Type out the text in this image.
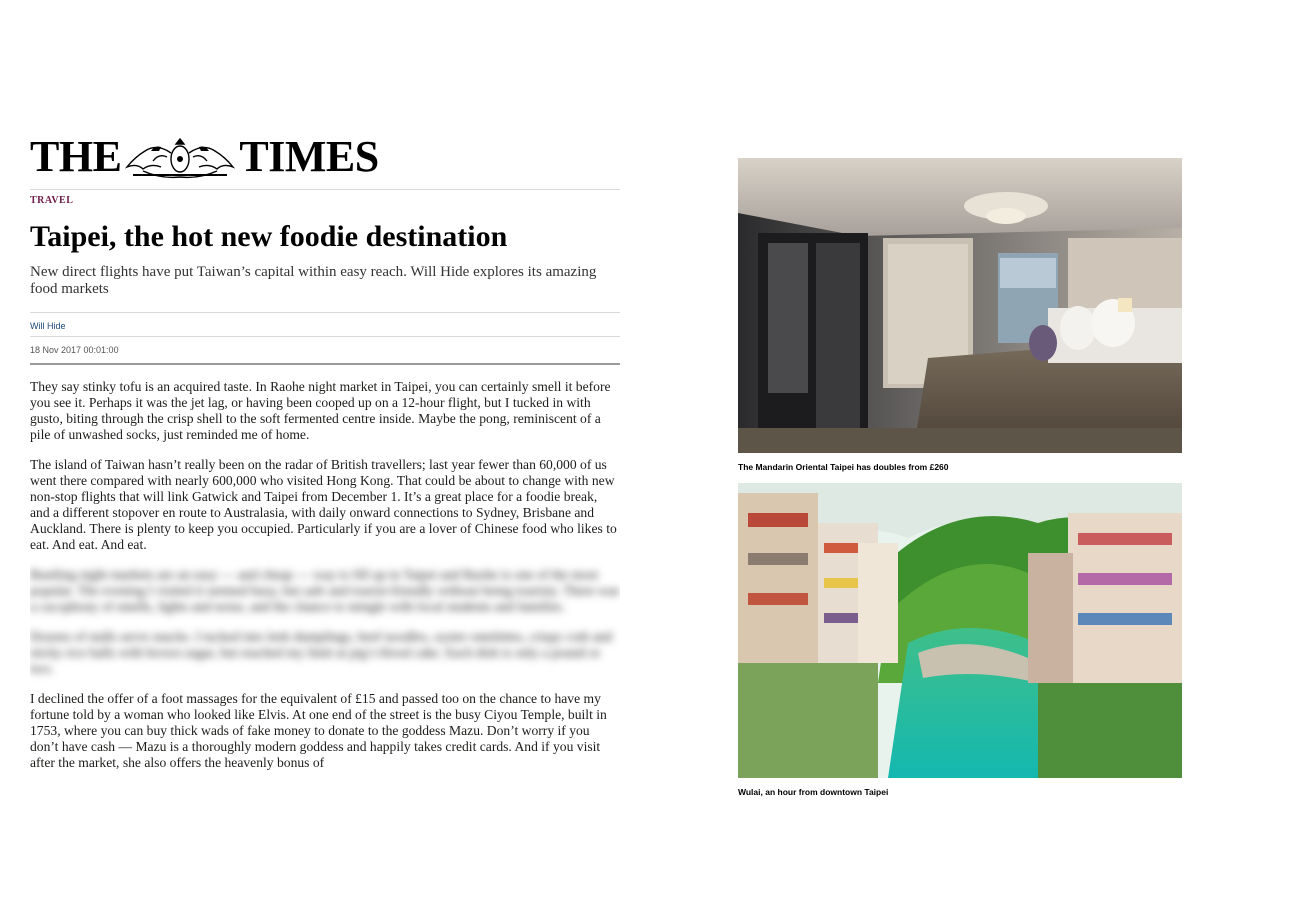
THE	TIMES
TRAVEL
Taipei, the hot new foodie destination

New direct flights have put Taiwan’s capital within easy reach. Will Hide explores its amazing food markets

Will Hide
18 Nov 2017 00:01:00

They say stinky tofu is an acquired taste. In Raohe night market in Taipei, you can certainly smell it before you see it. Perhaps it was the jet lag, or having been cooped up on a 12-hour flight, but I tucked in with gusto, biting through the crisp shell to the soft fermented centre inside. Maybe the pong, reminiscent of a pile of unwashed socks, just reminded me of home.

The island of Taiwan hasn’t really been on the radar of British travellers; last year fewer than 60,000 of us went there compared with nearly 600,000 who visited Hong Kong. That could be about to change with new non-stop flights that will link Gatwick and Taipei from December 1. It’s a great place for a foodie break, and a different stopover en route to Australasia, with daily onward connections to Sydney, Brisbane and Auckland. There is plenty to keep you occupied. Particularly if you are a lover of Chinese food who likes to eat. And eat. And eat.

Bustling night markets are an easy — and cheap — way to fill up in Taipei and Raohe is one of the most popular. The evening I visited it seemed busy, but safe and tourist-friendly without being touristy. There was a cacophony of smells, lights and noise, and the chance to mingle with local students and families.

Dozens of stalls serve snacks. I tucked into leek dumplings, beef noodles, oyster omelettes, crispy crab and sticky rice balls with brown sugar, but reached my limit at pig’s blood cake. Each dish is only a pound or two.

I declined the offer of a foot massages for the equivalent of £15 and passed too on the chance to have my fortune told by a woman who looked like Elvis. At one end of the street is the busy Ciyou Temple, built in 1753, where you can buy thick wads of fake money to donate to the goddess Mazu. Don’t worry if you don’t have cash — Mazu is a thoroughly modern goddess and happily takes credit cards. And if you visit after the market, she also offers the heavenly bonus of

The Mandarin Oriental Taipei has doubles from £260
Wulai, an hour from downtown Taipei
